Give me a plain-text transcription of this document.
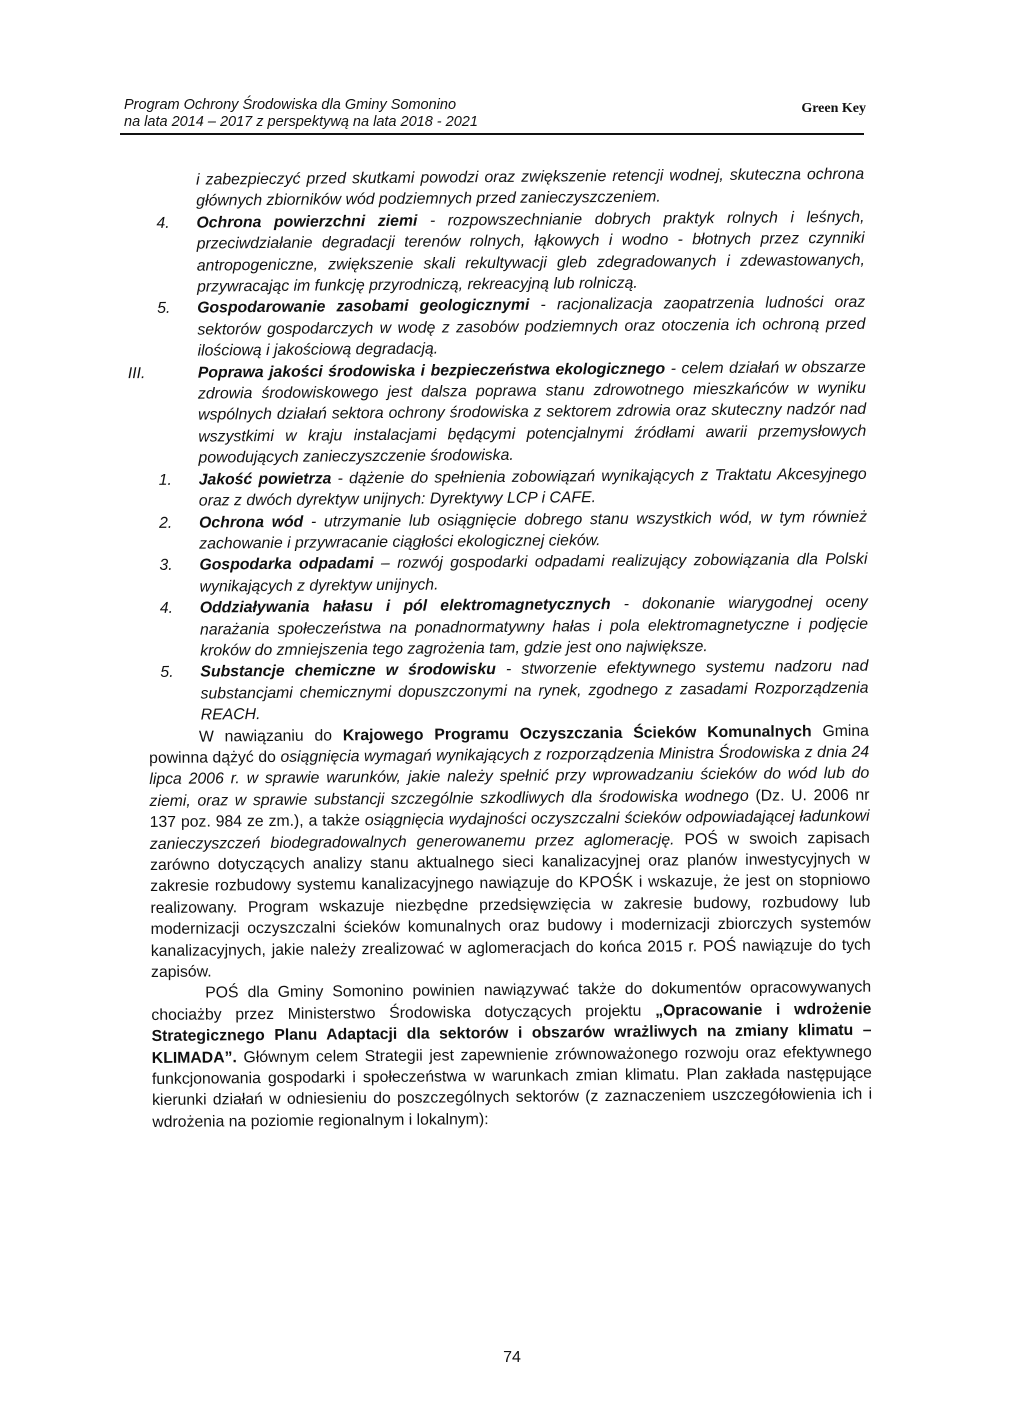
Program Ochrony Środowiska dla Gminy Somonino
na lata 2014 – 2017 z perspektywą na lata 2018 - 2021
Green Key

i zabezpieczyć przed skutkami powodzi oraz zwiększenie retencji wodnej, skuteczna ochrona głównych zbiorników wód podziemnych przed zanieczyszczeniem.

4.	Ochrona powierzchni ziemi - rozpowszechnianie dobrych praktyk rolnych i leśnych, przeciwdziałanie degradacji terenów rolnych, łąkowych i wodno - błotnych przez czynniki antropogeniczne, zwiększenie skali rekultywacji gleb zdegradowanych i zdewastowanych, przywracając im funkcję przyrodniczą, rekreacyjną lub rolniczą.

5.	Gospodarowanie zasobami geologicznymi - racjonalizacja zaopatrzenia ludności oraz sektorów gospodarczych w wodę z zasobów podziemnych oraz otoczenia ich ochroną przed ilościową i jakościową degradacją.

III.	Poprawa jakości środowiska i bezpieczeństwa ekologicznego - celem działań w obszarze zdrowia środowiskowego jest dalsza poprawa stanu zdrowotnego mieszkańców w wyniku wspólnych działań sektora ochrony środowiska z sektorem zdrowia oraz skuteczny nadzór nad wszystkimi w kraju instalacjami będącymi potencjalnymi źródłami awarii przemysłowych powodujących zanieczyszczenie środowiska.

1.	Jakość powietrza - dążenie do spełnienia zobowiązań wynikających z Traktatu Akcesyjnego oraz z dwóch dyrektyw unijnych: Dyrektywy LCP i CAFE.

2.	Ochrona wód - utrzymanie lub osiągnięcie dobrego stanu wszystkich wód, w tym również zachowanie i przywracanie ciągłości ekologicznej cieków.

3.	Gospodarka odpadami – rozwój gospodarki odpadami realizujący zobowiązania dla Polski wynikających z dyrektyw unijnych.

4.	Oddziaływania hałasu i pól elektromagnetycznych - dokonanie wiarygodnej oceny narażania społeczeństwa na ponadnormatywny hałas i pola elektromagnetyczne i podjęcie kroków do zmniejszenia tego zagrożenia tam, gdzie jest ono największe.

5.	Substancje chemiczne w środowisku - stworzenie efektywnego systemu nadzoru nad substancjami chemicznymi dopuszczonymi na rynek, zgodnego z zasadami Rozporządzenia REACH.

W nawiązaniu do Krajowego Programu Oczyszczania Ścieków Komunalnych Gmina powinna dążyć do osiągnięcia wymagań wynikających z rozporządzenia Ministra Środowiska z dnia 24 lipca 2006 r. w sprawie warunków, jakie należy spełnić przy wprowadzaniu ścieków do wód lub do ziemi, oraz w sprawie substancji szczególnie szkodliwych dla środowiska wodnego (Dz. U. 2006 nr 137 poz. 984 ze zm.), a także osiągnięcia wydajności oczyszczalni ścieków odpowiadającej ładunkowi zanieczyszczeń biodegradowalnych generowanemu przez aglomerację. POŚ w swoich zapisach zarówno dotyczących analizy stanu aktualnego sieci kanalizacyjnej oraz planów inwestycyjnych w zakresie rozbudowy systemu kanalizacyjnego nawiązuje do KPOŚK i wskazuje, że jest on stopniowo realizowany. Program wskazuje niezbędne przedsięwzięcia w zakresie budowy, rozbudowy lub modernizacji oczyszczalni ścieków komunalnych oraz budowy i modernizacji zbiorczych systemów kanalizacyjnych, jakie należy zrealizować w aglomeracjach do końca 2015 r. POŚ nawiązuje do tych zapisów.

POŚ dla Gminy Somonino powinien nawiązywać także do dokumentów opracowywanych chociażby przez Ministerstwo Środowiska dotyczących projektu „Opracowanie i wdrożenie Strategicznego Planu Adaptacji dla sektorów i obszarów wrażliwych na zmiany klimatu – KLIMADA”. Głównym celem Strategii jest zapewnienie zrównoważonego rozwoju oraz efektywnego funkcjonowania gospodarki i społeczeństwa w warunkach zmian klimatu. Plan zakłada następujące kierunki działań w odniesieniu do poszczególnych sektorów (z zaznaczeniem uszczegółowienia ich i wdrożenia na poziomie regionalnym i lokalnym):

74
